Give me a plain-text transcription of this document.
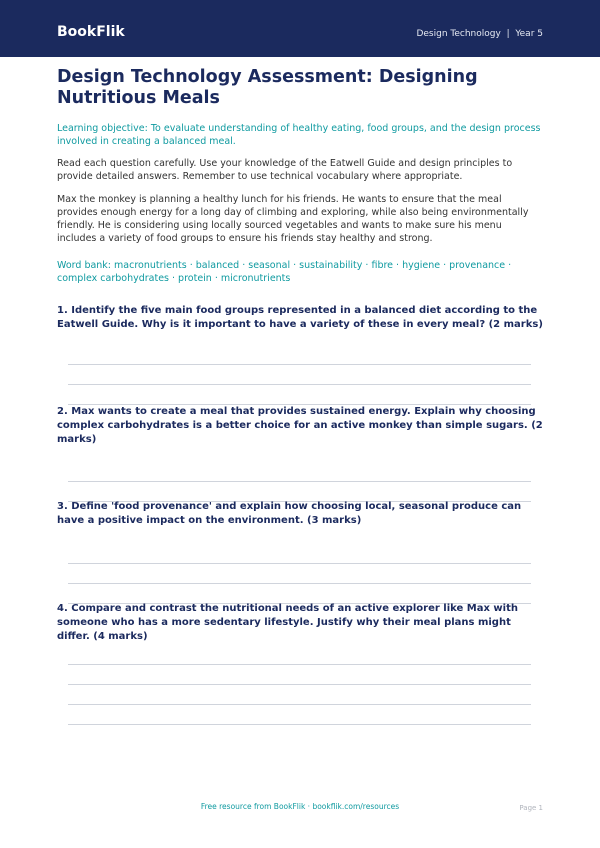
BookFlik	Design Technology | Year 5
Design Technology Assessment: Designing Nutritious Meals
Learning objective: To evaluate understanding of healthy eating, food groups, and the design process involved in creating a balanced meal.
Read each question carefully. Use your knowledge of the Eatwell Guide and design principles to provide detailed answers. Remember to use technical vocabulary where appropriate.
Max the monkey is planning a healthy lunch for his friends. He wants to ensure that the meal provides enough energy for a long day of climbing and exploring, while also being environmentally friendly. He is considering using locally sourced vegetables and wants to make sure his menu includes a variety of food groups to ensure his friends stay healthy and strong.
Word bank: macronutrients · balanced · seasonal · sustainability · fibre · hygiene · provenance · complex carbohydrates · protein · micronutrients
1. Identify the five main food groups represented in a balanced diet according to the Eatwell Guide. Why is it important to have a variety of these in every meal? (2 marks)
2. Max wants to create a meal that provides sustained energy. Explain why choosing complex carbohydrates is a better choice for an active monkey than simple sugars. (2 marks)
3. Define 'food provenance' and explain how choosing local, seasonal produce can have a positive impact on the environment. (3 marks)
4. Compare and contrast the nutritional needs of an active explorer like Max with someone who has a more sedentary lifestyle. Justify why their meal plans might differ. (4 marks)
Free resource from BookFlik · bookflik.com/resources	Page 1
